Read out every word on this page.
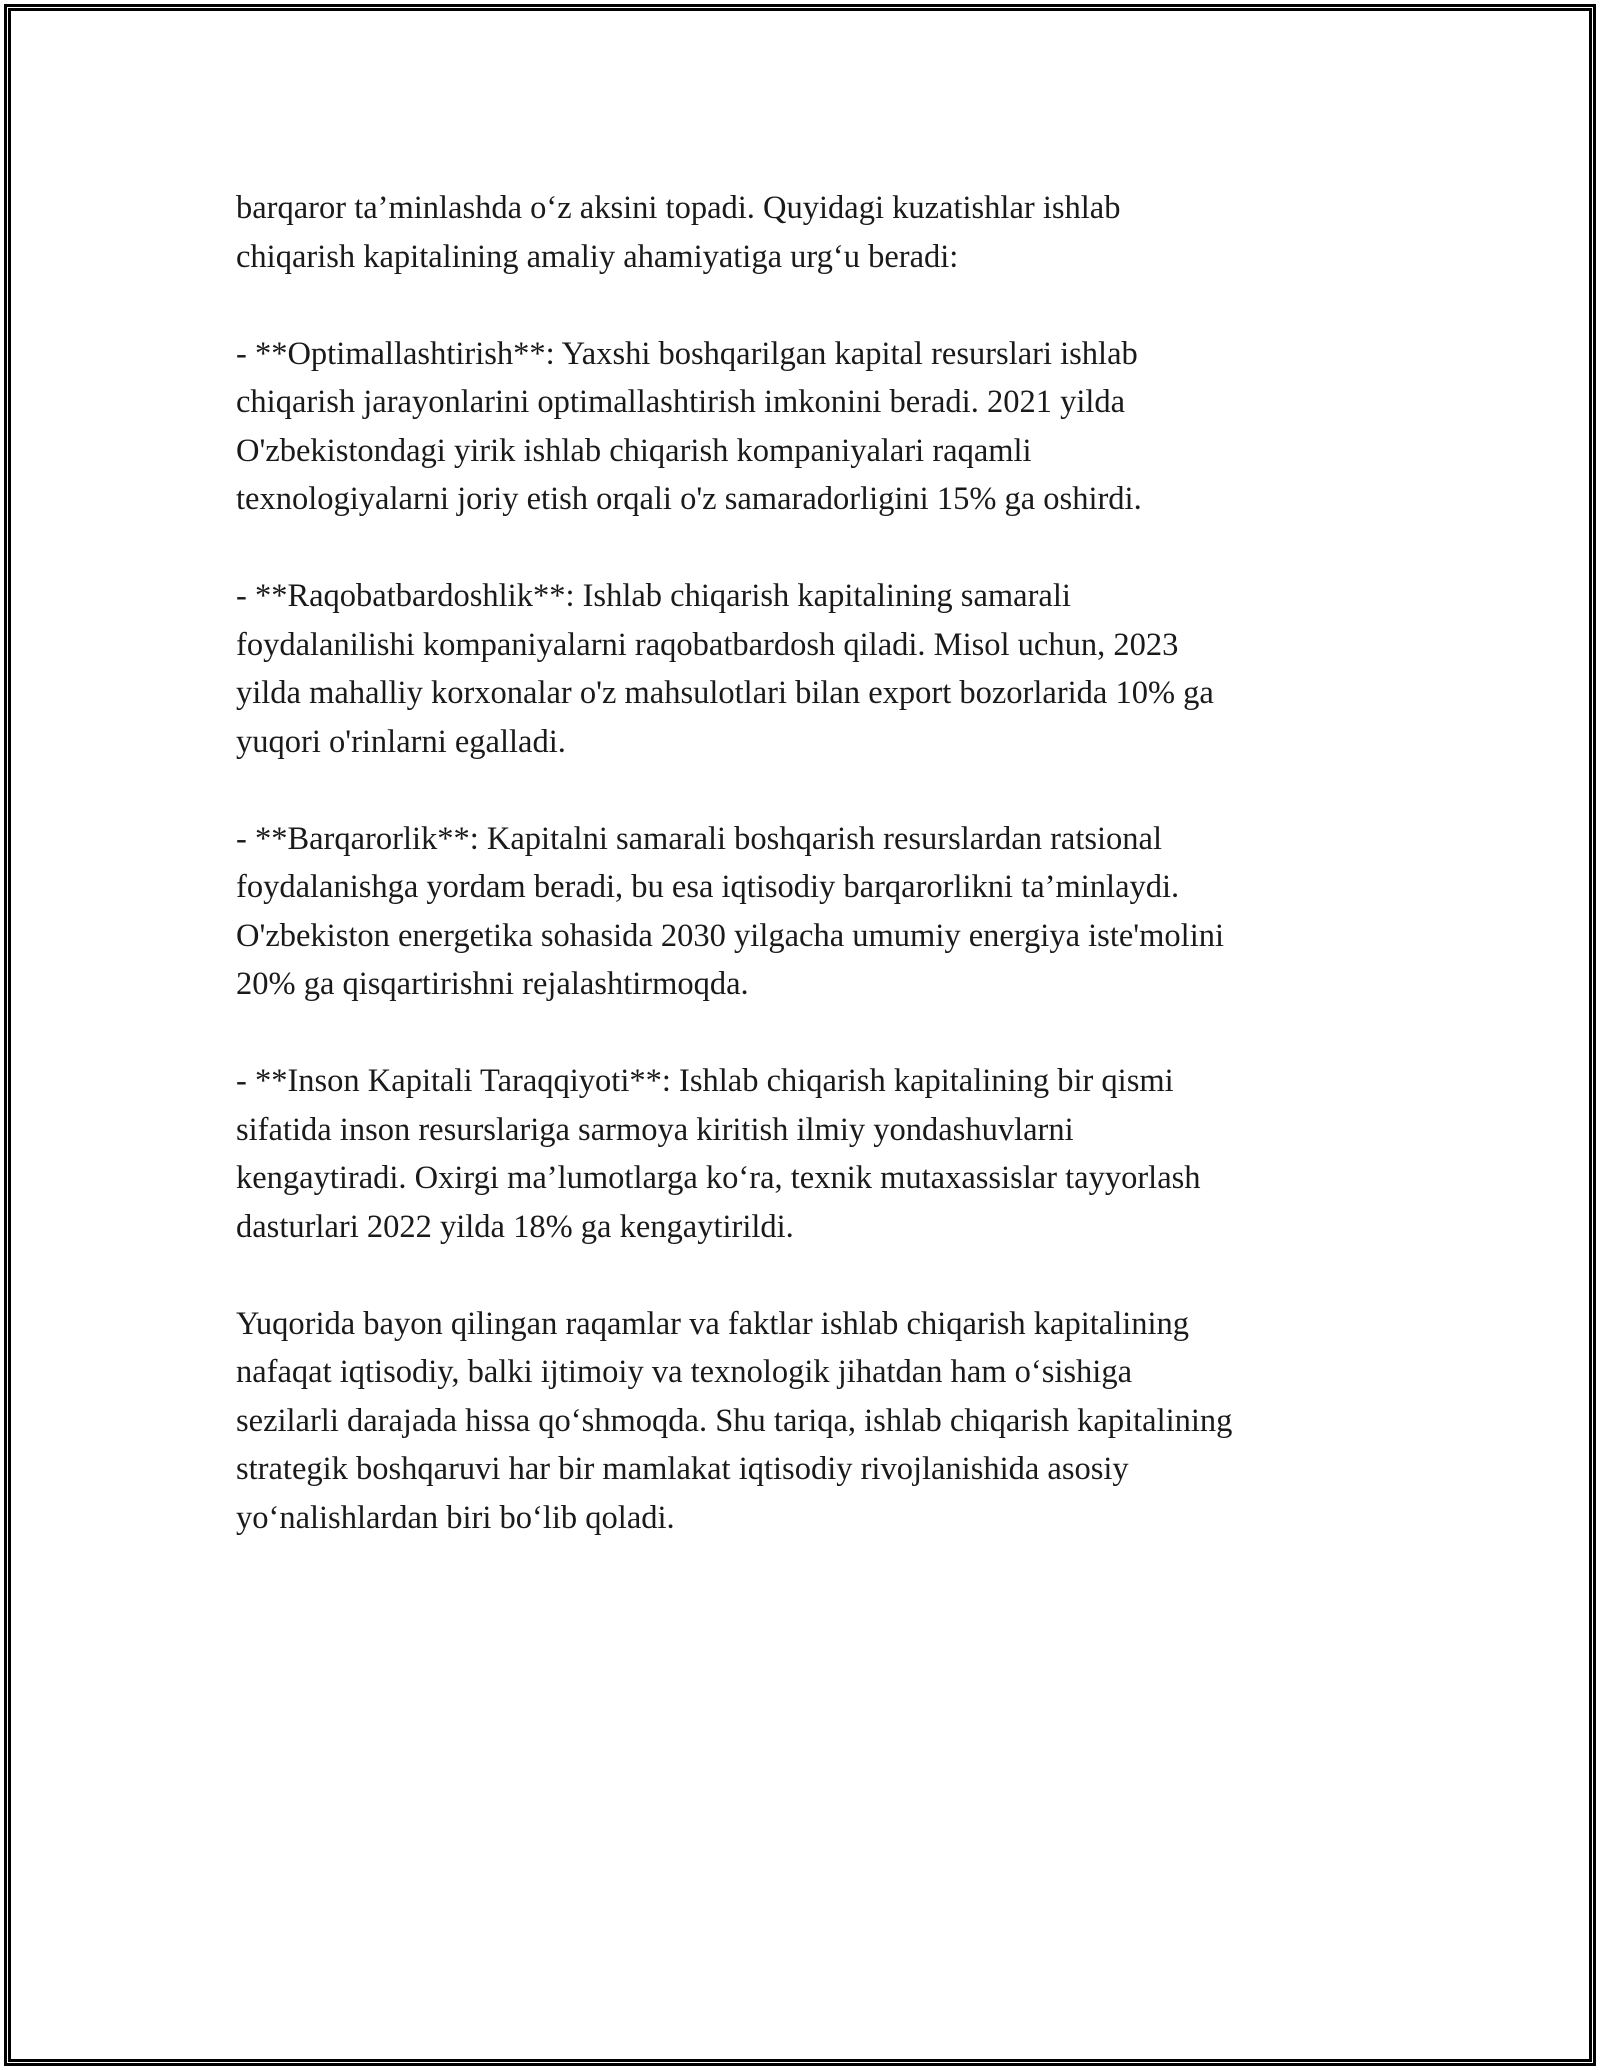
barqaror ta’minlashda o‘z aksini topadi. Quyidagi kuzatishlar ishlab
chiqarish kapitalining amaliy ahamiyatiga urg‘u beradi:

- **Optimallashtirish**: Yaxshi boshqarilgan kapital resurslari ishlab
chiqarish jarayonlarini optimallashtirish imkonini beradi. 2021 yilda
O'zbekistondagi yirik ishlab chiqarish kompaniyalari raqamli
texnologiyalarni joriy etish orqali o'z samaradorligini 15% ga oshirdi.

- **Raqobatbardoshlik**: Ishlab chiqarish kapitalining samarali
foydalanilishi kompaniyalarni raqobatbardosh qiladi. Misol uchun, 2023
yilda mahalliy korxonalar o'z mahsulotlari bilan export bozorlarida 10% ga
yuqori o'rinlarni egalladi.

- **Barqarorlik**: Kapitalni samarali boshqarish resurslardan ratsional
foydalanishga yordam beradi, bu esa iqtisodiy barqarorlikni ta’minlaydi.
O'zbekiston energetika sohasida 2030 yilgacha umumiy energiya iste'molini
20% ga qisqartirishni rejalashtirmoqda.

- **Inson Kapitali Taraqqiyoti**: Ishlab chiqarish kapitalining bir qismi
sifatida inson resurslariga sarmoya kiritish ilmiy yondashuvlarni
kengaytiradi. Oxirgi ma’lumotlarga ko‘ra, texnik mutaxassislar tayyorlash
dasturlari 2022 yilda 18% ga kengaytirildi.

Yuqorida bayon qilingan raqamlar va faktlar ishlab chiqarish kapitalining
nafaqat iqtisodiy, balki ijtimoiy va texnologik jihatdan ham o‘sishiga
sezilarli darajada hissa qo‘shmoqda. Shu tariqa, ishlab chiqarish kapitalining
strategik boshqaruvi har bir mamlakat iqtisodiy rivojlanishida asosiy
yo‘nalishlardan biri bo‘lib qoladi.
